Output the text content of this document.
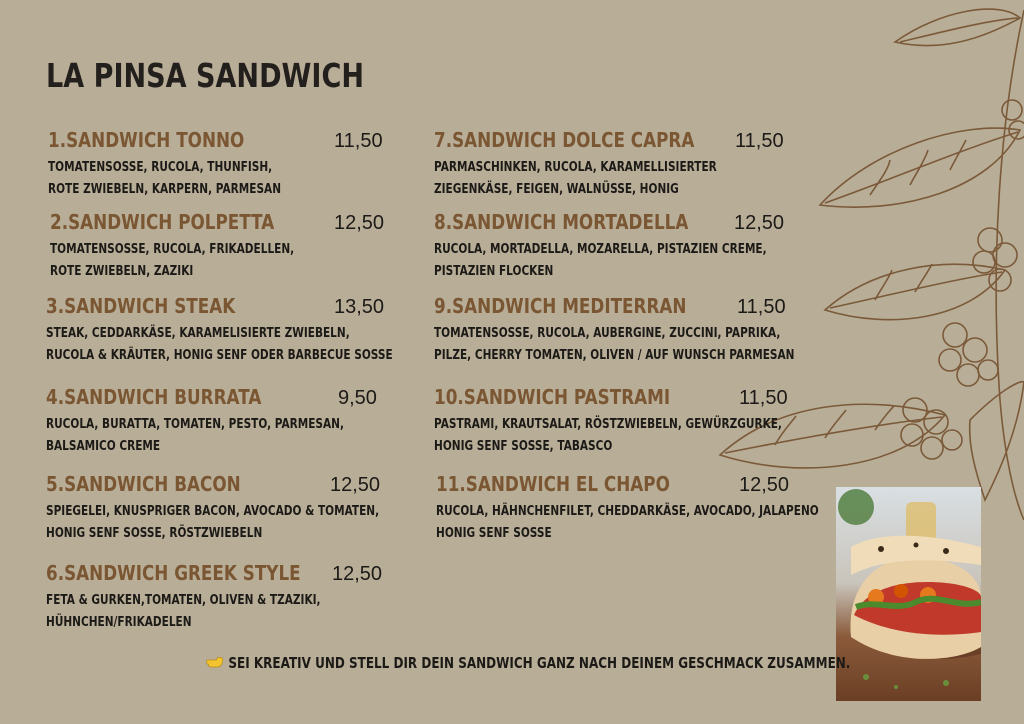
LA PINSA SANDWICH
1.SANDWICH TONNO	11,50
TOMATENSOSSE, RUCOLA, THUNFISH,
ROTE ZWIEBELN, KARPERN, PARMESAN
2.SANDWICH POLPETTA	12,50
TOMATENSOSSE, RUCOLA, FRIKADELLEN,
ROTE ZWIEBELN, ZAZIKI
3.SANDWICH STEAK	13,50
STEAK, CEDDARKÄSE, KARAMELISIERTE ZWIEBELN,
RUCOLA & KRÄUTER, HONIG SENF ODER BARBECUE SOSSE
4.SANDWICH BURRATA	9,50
RUCOLA, BURATTA, TOMATEN, PESTO, PARMESAN,
BALSAMICO CREME
5.SANDWICH BACON	12,50
SPIEGELEI, KNUSPRIGER BACON, AVOCADO & TOMATEN,
HONIG SENF SOSSE, RÖSTZWIEBELN
6.SANDWICH GREEK STYLE 12,50
FETA & GURKEN,TOMATEN, OLIVEN & TZAZIKI,
HÜHNCHEN/FRIKADELEN
7.SANDWICH DOLCE CAPRA 11,50
PARMASCHINKEN, RUCOLA, KARAMELLISIERTER
ZIEGENKÄSE, FEIGEN, WALNÜSSE, HONIG
8.SANDWICH MORTADELLA 12,50
RUCOLA, MORTADELLA, MOZARELLA, PISTAZIEN CREME,
PISTAZIEN FLOCKEN
9.SANDWICH MEDITERRAN	11,50
TOMATENSOSSE, RUCOLA, AUBERGINE, ZUCCINI, PAPRIKA,
PILZE, CHERRY TOMATEN, OLIVEN / AUF WUNSCH PARMESAN
10.SANDWICH PASTRAMI	11,50
PASTRAMI, KRAUTSALAT, RÖSTZWIEBELN, GEWÜRZGURKE,
HONIG SENF SOSSE, TABASCO
11.SANDWICH EL CHAPO	12,50
RUCOLA, HÄHNCHENFILET, CHEDDARKÄSE, AVOCADO, JALAPENO
HONIG SENF SOSSE
SEI KREATIV UND STELL DIR DEIN SANDWICH GANZ NACH DEINEM GESCHMACK ZUSAMMEN.
